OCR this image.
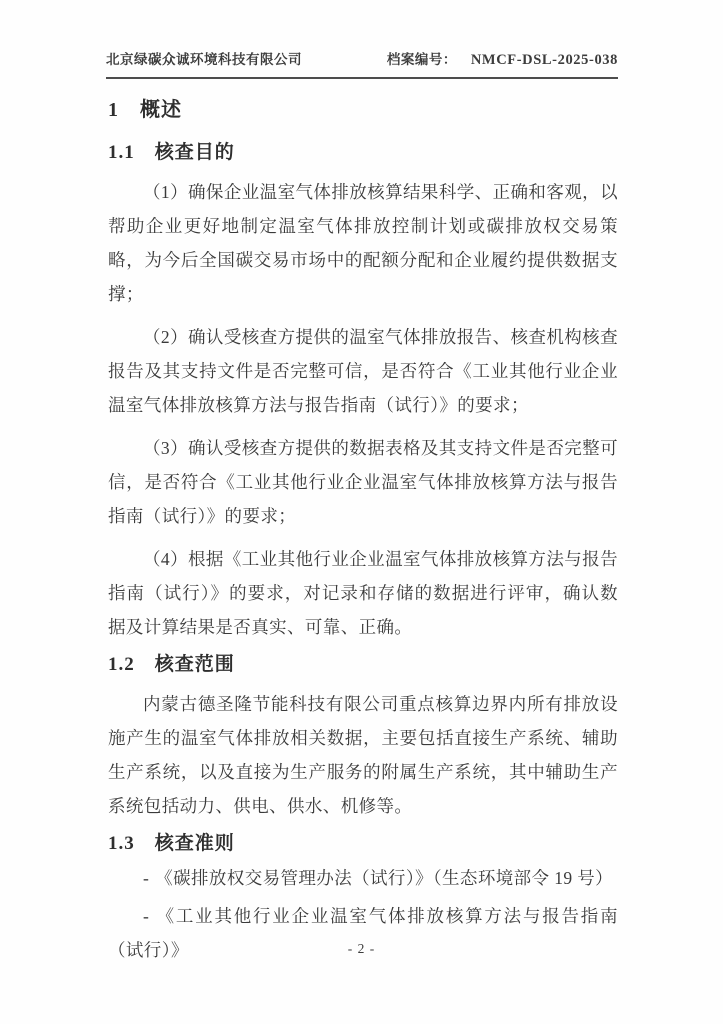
北京绿碳众诚环境科技有限公司	档案编号： NMCF-DSL-2025-038
1　概述
1.1　核查目的

（1）确保企业温室气体排放核算结果科学、正确和客观，以帮助企业更好地制定温室气体排放控制计划或碳排放权交易策略，为今后全国碳交易市场中的配额分配和企业履约提供数据支撑；

（2）确认受核查方提供的温室气体排放报告、核查机构核查报告及其支持文件是否完整可信，是否符合《工业其他行业企业温室气体排放核算方法与报告指南（试行）》的要求；

（3）确认受核查方提供的数据表格及其支持文件是否完整可信，是否符合《工业其他行业企业温室气体排放核算方法与报告指南（试行）》的要求；

（4）根据《工业其他行业企业温室气体排放核算方法与报告指南（试行）》的要求，对记录和存储的数据进行评审，确认数据及计算结果是否真实、可靠、正确。

1.2　核查范围

内蒙古德圣隆节能科技有限公司重点核算边界内所有排放设施产生的温室气体排放相关数据，主要包括直接生产系统、辅助生产系统，以及直接为生产服务的附属生产系统，其中辅助生产系统包括动力、供电、供水、机修等。

1.3　核查准则

- 《碳排放权交易管理办法（试行）》（生态环境部令 19 号）

- 《工业其他行业企业温室气体排放核算方法与报告指南（试行）》	- 2 -
